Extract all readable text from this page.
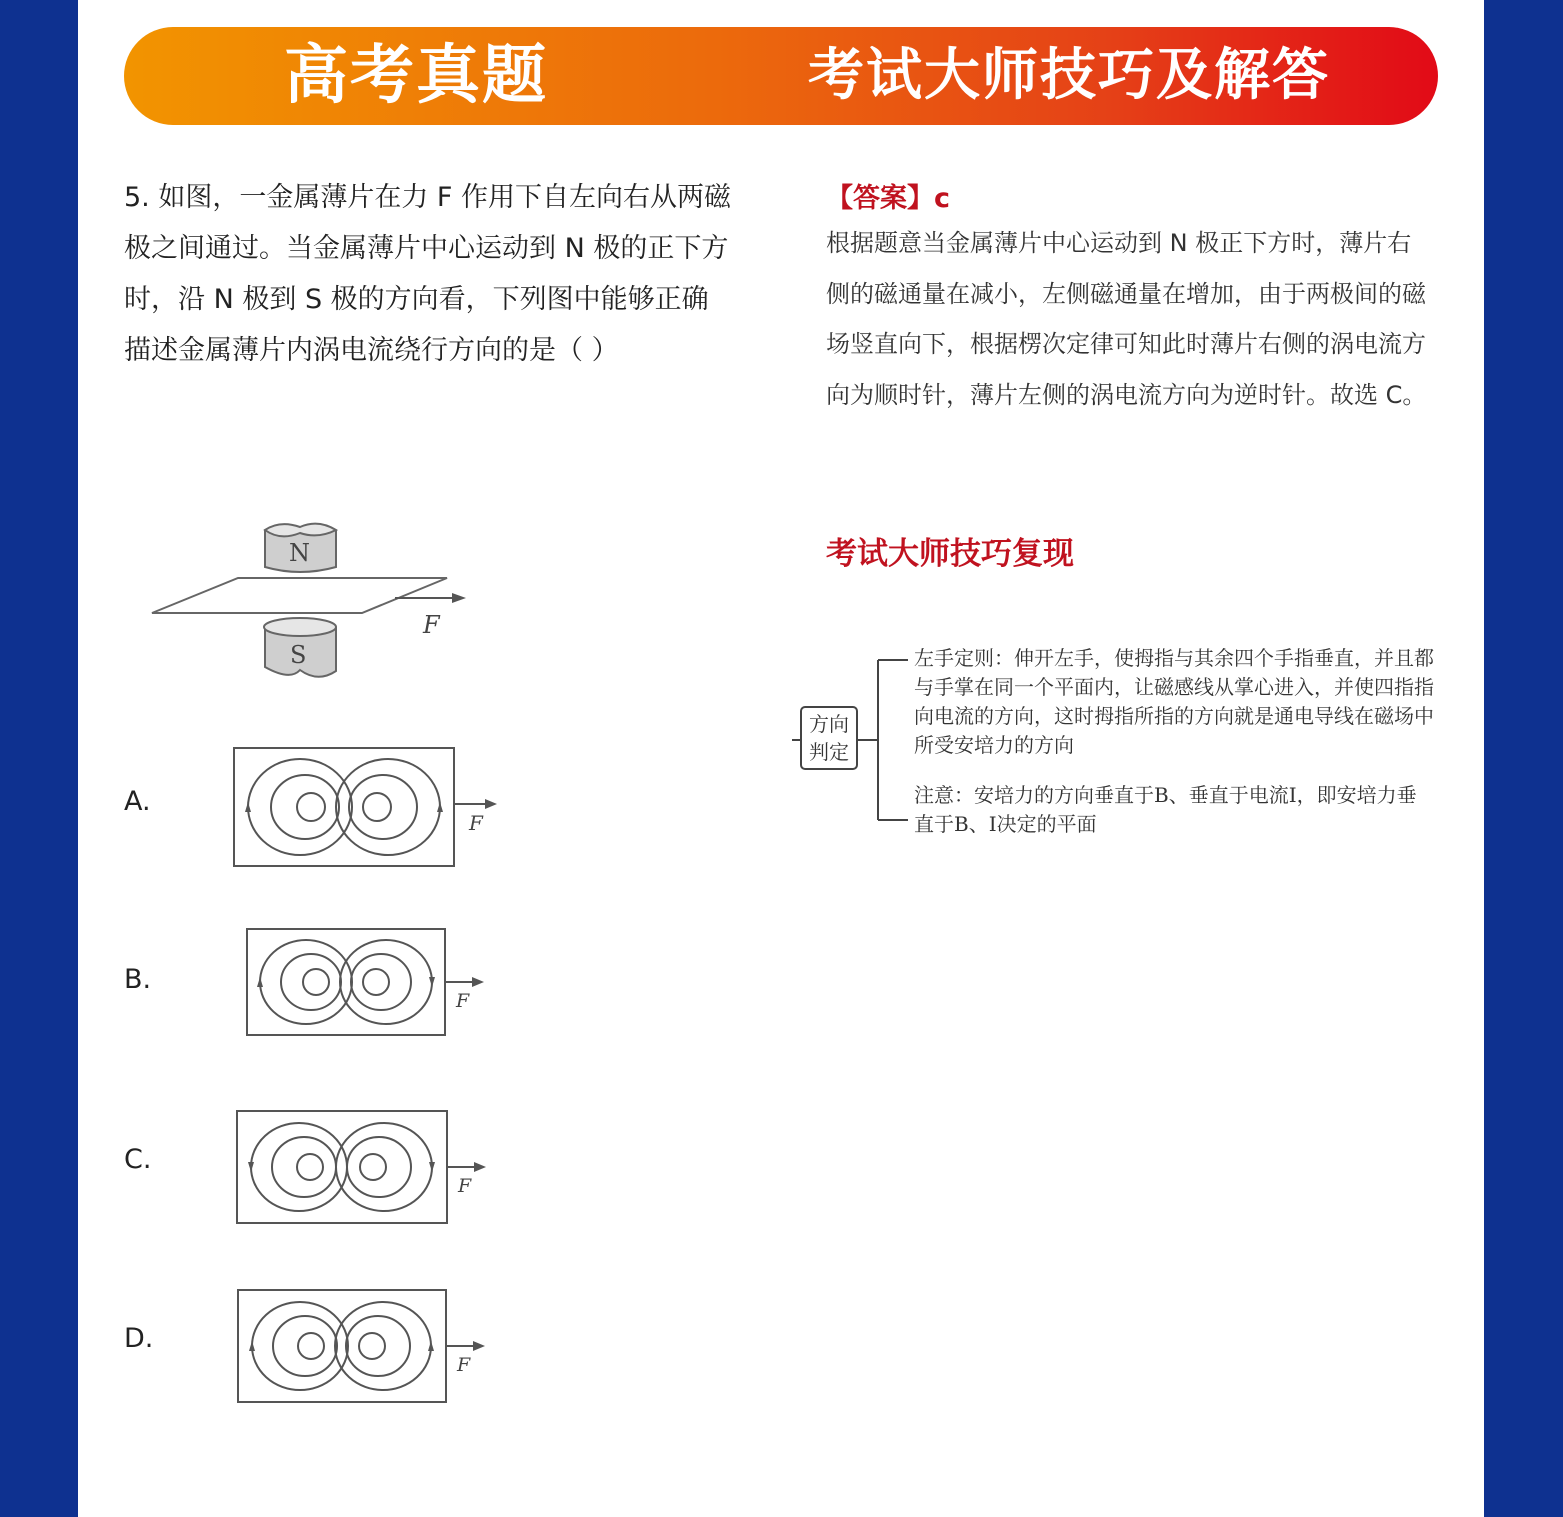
高考真题	考试大师技巧及解答
5. 如图，一金属薄片在力 F 作用下自左向右从两磁极之间通过。当金属薄片中心运动到 N 极的正下方时，沿 N 极到 S 极的方向看，下列图中能够正确描述金属薄片内涡电流绕行方向的是（ ）
N
F
S
A.
F
B.
F
C.
F
D.
F
【答案】c
根据题意当金属薄片中心运动到 N 极正下方时，薄片右侧的磁通量在减小，左侧磁通量在增加，由于两极间的磁场竖直向下，根据楞次定律可知此时薄片右侧的涡电流方向为顺时针，薄片左侧的涡电流方向为逆时针。故选 C。
考试大师技巧复现
方向
判定
左手定则：伸开左手，使拇指与其余四个手指垂直，并且都与手掌在同一个平面内，让磁感线从掌心进入，并使四指指向电流的方向，这时拇指所指的方向就是通电导线在磁场中所受安培力的方向
注意：安培力的方向垂直于B、垂直于电流I，即安培力垂直于B、I决定的平面
